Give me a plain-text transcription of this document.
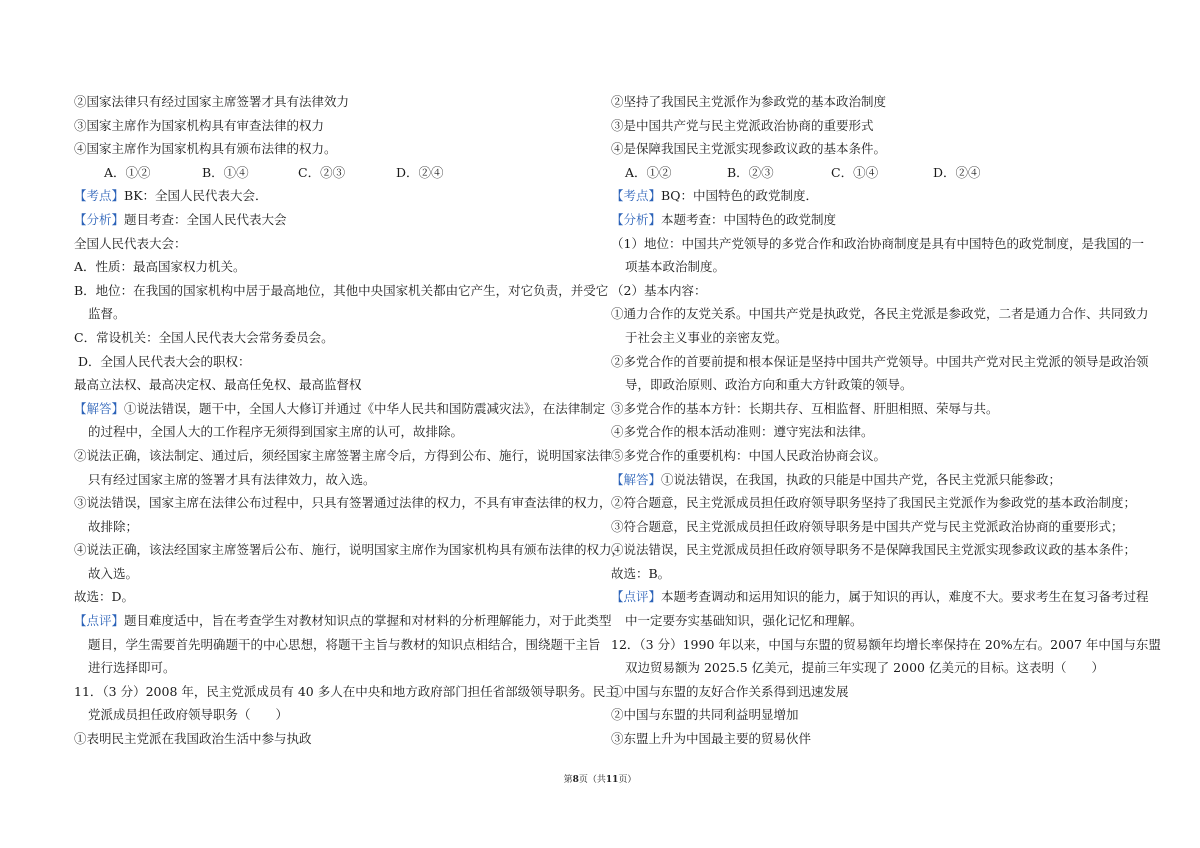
②国家法律只有经过国家主席签署才具有法律效力
③国家主席作为国家机构具有审查法律的权力
④国家主席作为国家机构具有颁布法律的权力。
A．①②	B．①④	C．②③	D．②④
【考点】BK：全国人民代表大会．
【分析】题目考查：全国人民代表大会
全国人民代表大会：
A．性质：最高国家权力机关。
B．地位：在我国的国家机构中居于最高地位，其他中央国家机关都由它产生，对它负责，并受它
监督。
C．常设机关：全国人民代表大会常务委员会。
D．全国人民代表大会的职权：
最高立法权、最高决定权、最高任免权、最高监督权
【解答】①说法错误，题干中，全国人大修订并通过《中华人民共和国防震减灾法》，在法律制定
的过程中，全国人大的工作程序无须得到国家主席的认可，故排除。
②说法正确，该法制定、通过后，须经国家主席签署主席令后，方得到公布、施行，说明国家法律
只有经过国家主席的签署才具有法律效力，故入选。
③说法错误，国家主席在法律公布过程中，只具有签署通过法律的权力，不具有审查法律的权力，
故排除；
④说法正确，该法经国家主席签署后公布、施行，说明国家主席作为国家机构具有颁布法律的权力，
故入选。
故选：D。
【点评】题目难度适中，旨在考查学生对教材知识点的掌握和对材料的分析理解能力，对于此类型
题目，学生需要首先明确题干的中心思想，将题干主旨与教材的知识点相结合，围绕题干主旨
进行选择即可。
11．（3 分）2008 年，民主党派成员有 40 多人在中央和地方政府部门担任省部级领导职务。民主
党派成员担任政府领导职务（　　）
①表明民主党派在我国政治生活中参与执政
②坚持了我国民主党派作为参政党的基本政治制度
③是中国共产党与民主党派政治协商的重要形式
④是保障我国民主党派实现参政议政的基本条件。
A．①②	B．②③	C．①④	D．②④
【考点】BQ：中国特色的政党制度．
【分析】本题考查：中国特色的政党制度
（1）地位：中国共产党领导的多党合作和政治协商制度是具有中国特色的政党制度，是我国的一
项基本政治制度。
（2）基本内容：
①通力合作的友党关系。中国共产党是执政党，各民主党派是参政党，二者是通力合作、共同致力
于社会主义事业的亲密友党。
②多党合作的首要前提和根本保证是坚持中国共产党领导。中国共产党对民主党派的领导是政治领
导，即政治原则、政治方向和重大方针政策的领导。
③多党合作的基本方针：长期共存、互相监督、肝胆相照、荣辱与共。
④多党合作的根本活动准则：遵守宪法和法律。
⑤多党合作的重要机构：中国人民政治协商会议。
【解答】①说法错误，在我国，执政的只能是中国共产党，各民主党派只能参政；
②符合题意，民主党派成员担任政府领导职务坚持了我国民主党派作为参政党的基本政治制度；
③符合题意，民主党派成员担任政府领导职务是中国共产党与民主党派政治协商的重要形式；
④说法错误，民主党派成员担任政府领导职务不是保障我国民主党派实现参政议政的基本条件；
故选：B。
【点评】本题考查调动和运用知识的能力，属于知识的再认，难度不大。要求考生在复习备考过程
中一定要夯实基础知识，强化记忆和理解。
12．（3 分）1990 年以来，中国与东盟的贸易额年均增长率保持在 20%左右。2007 年中国与东盟
双边贸易额为 2025.5 亿美元，提前三年实现了 2000 亿美元的目标。这表明（　　）
①中国与东盟的友好合作关系得到迅速发展
②中国与东盟的共同利益明显增加
③东盟上升为中国最主要的贸易伙伴
第8页（共11页）
